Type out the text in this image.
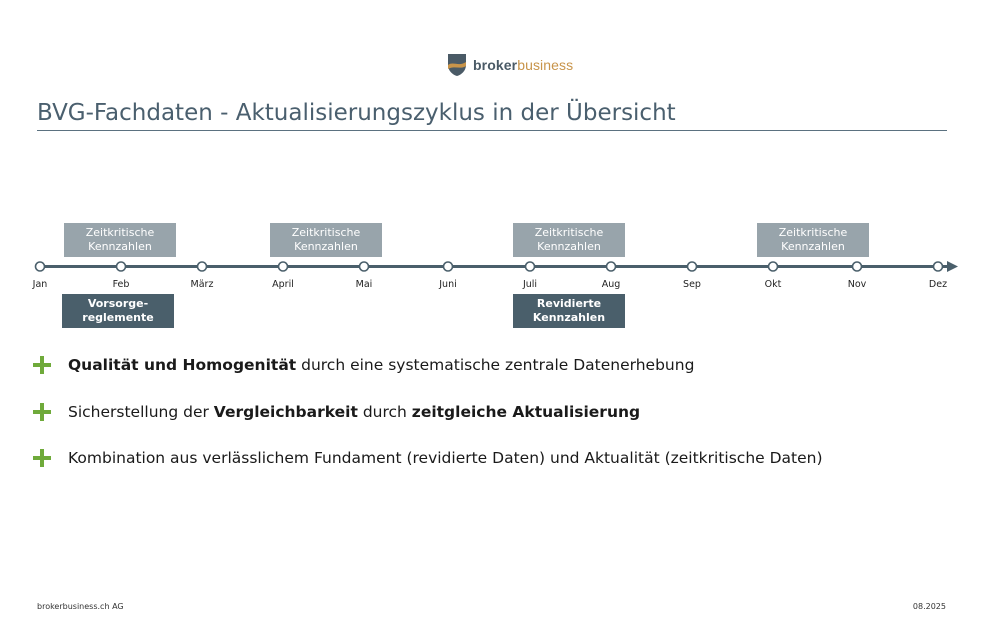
brokerbusiness
BVG-Fachdaten - Aktualisierungszyklus in der Übersicht
Zeitkritische
Kennzahlen
Zeitkritische
Kennzahlen
Zeitkritische
Kennzahlen
Zeitkritische
Kennzahlen
Jan	Feb	März	April	Mai	Juni	Juli	Aug	Sep	Okt	Nov	Dez
Vorsorge-
reglemente
Revidierte
Kennzahlen
Qualität und Homogenität durch eine systematische zentrale Datenerhebung
Sicherstellung der Vergleichbarkeit durch zeitgleiche Aktualisierung
Kombination aus verlässlichem Fundament (revidierte Daten) und Aktualität (zeitkritische Daten)
brokerbusiness.ch AG	08.2025
